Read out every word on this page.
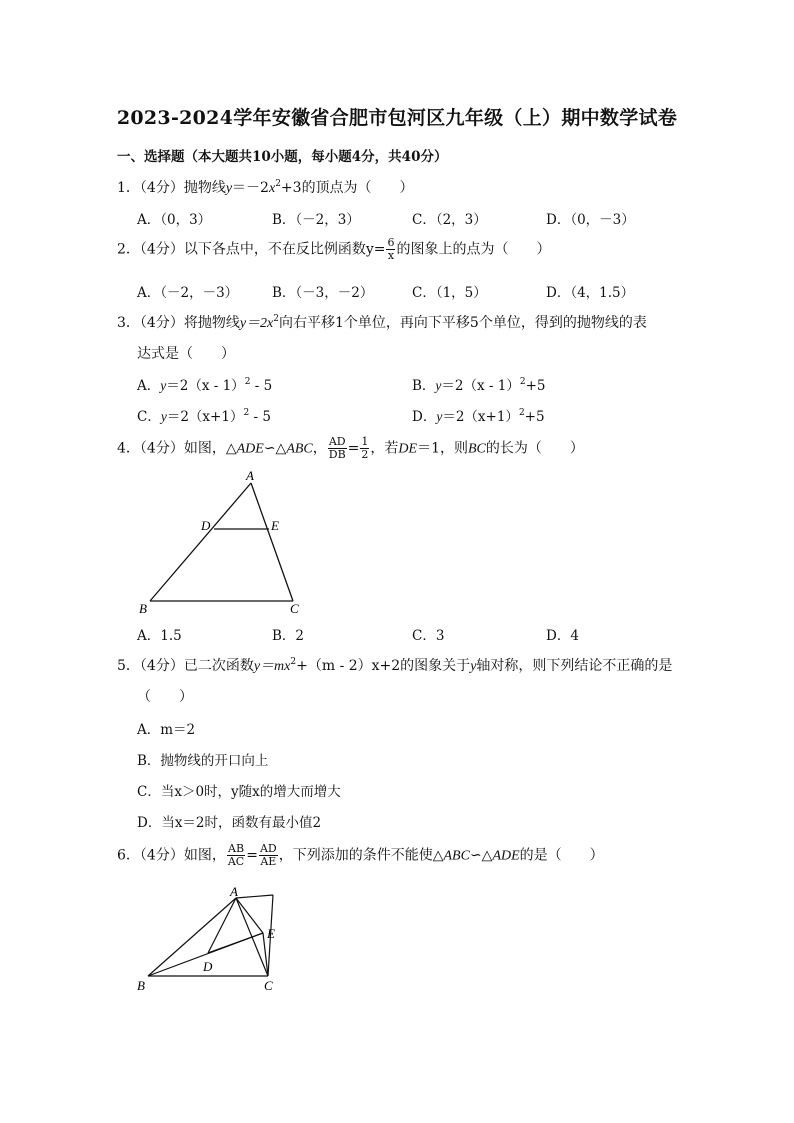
2023-2024学年安徽省合肥市包河区九年级（上）期中数学试卷
一、选择题（本大题共10小题，每小题4分，共40分）
1．（4分）抛物线$y=-2x^2+3$的顶点为（　　）
A．（0，3）	B．（－2，3）	C．（2，3）	D．（0，－3）
2．（4分）以下各点中，不在反比例函数$y= \frac{6}{x}$ 的图象上的点为（　　）
A．（－2，－3）	B．（－3，－2）	C．（1，5）	D．（4，1.5）
3．（4分）将抛物线$y=2x^2$向右平移1个单位，再向下平移5个单位，得到的抛物线的表
达式是（　　）
A．y＝2（x - 1）$^2$ - 5	B．y＝2（x - 1）$^2$+5
C．$y=2(x+1)^2 - 5$	D．$y=2(x+1)^2+5$
4．（4分）如图，△ADE∽△ABC， $\frac{AD}{DB} = \frac{1}{2}$ ，若DE＝1，则BC的长为（　　）
A
D	E
B	C
A．1.5	B．2	C．3	D．4
5．（4分）已二次函数$y=mx^2+(m - 2)x+2$的图象关于y轴对称，则下列结论不正确的是
（　　）
A．m＝2
B．抛物线的开口向上
C．当x＞0时，y随x的增大而增大
D．当x＝2时，函数有最小值2
6．（4分）如图， $\frac{AB}{AC} = \frac{AD}{AE}$ ，下列添加的条件不能使△ABC∽△ADE的是（　　）
A
E
D
B	C
